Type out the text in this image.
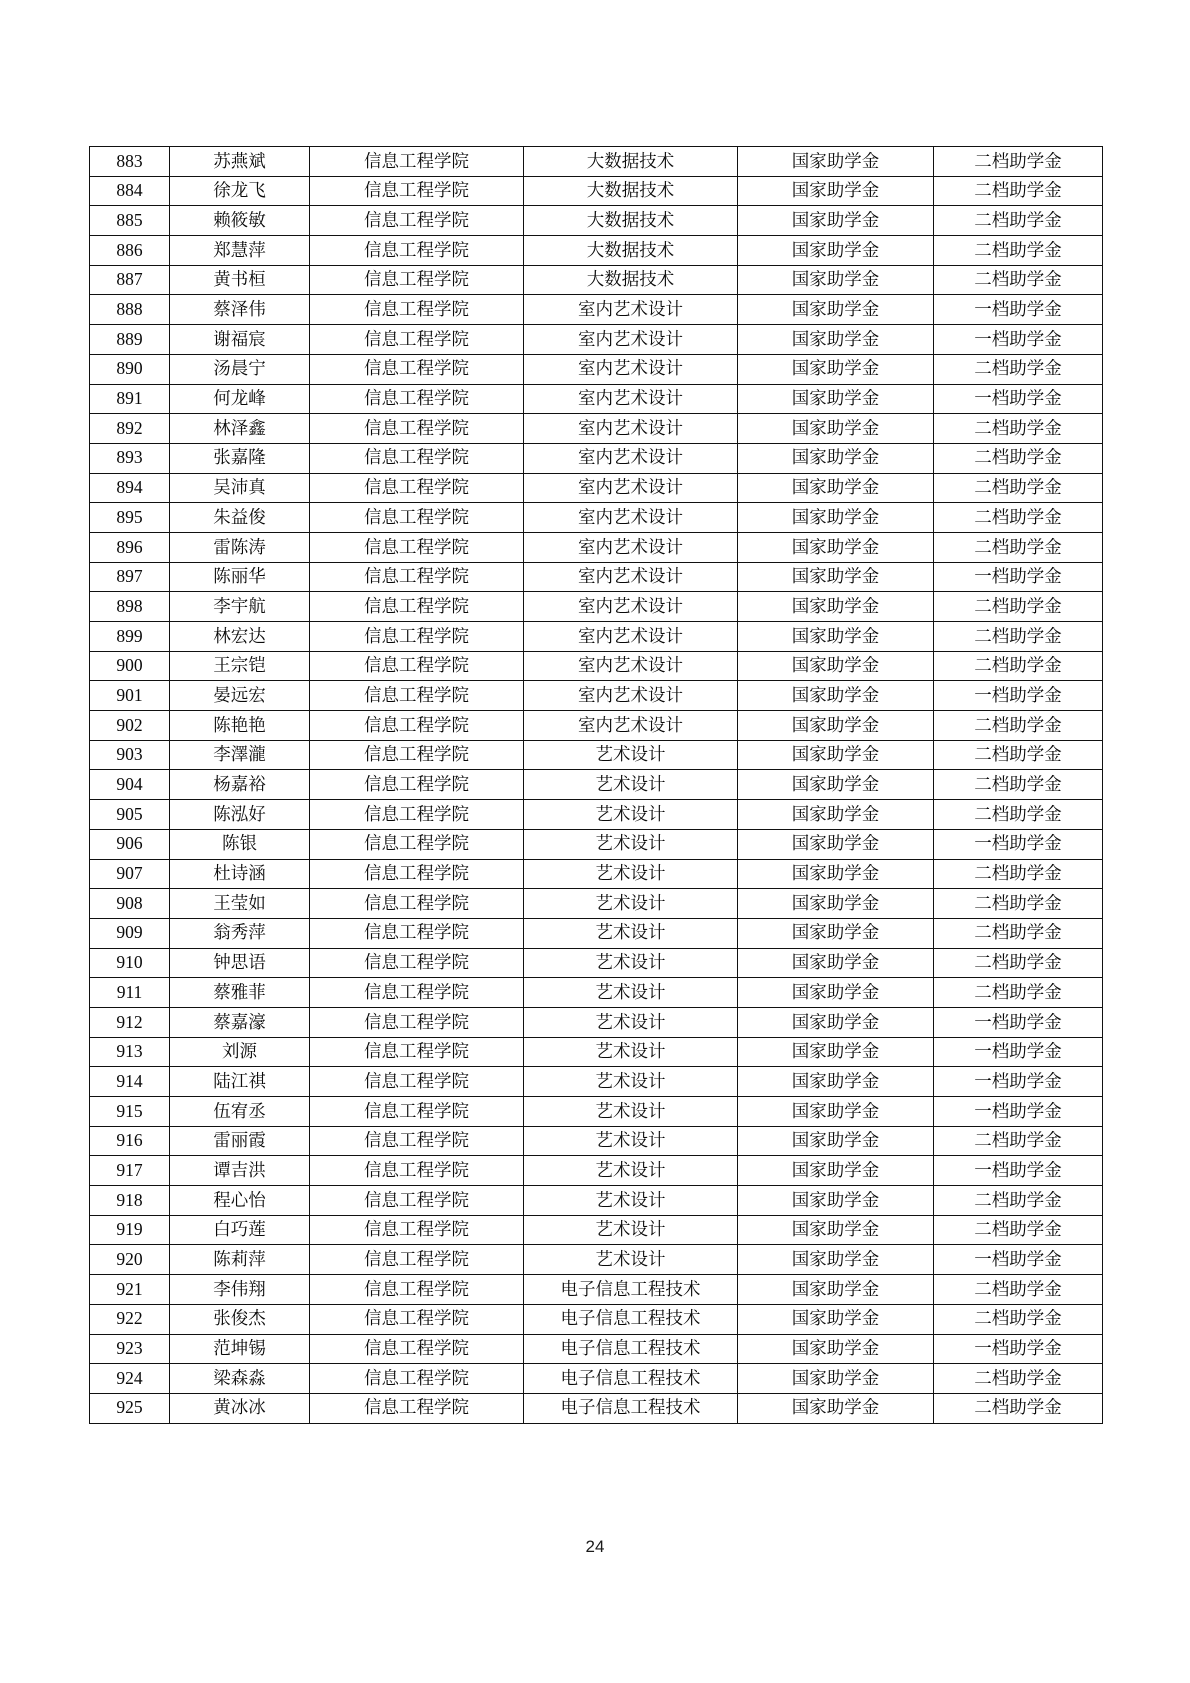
883	苏燕斌	信息工程学院	大数据技术	国家助学金	二档助学金
884	徐龙飞	信息工程学院	大数据技术	国家助学金	二档助学金
885	赖筱敏	信息工程学院	大数据技术	国家助学金	二档助学金
886	郑慧萍	信息工程学院	大数据技术	国家助学金	二档助学金
887	黄书桓	信息工程学院	大数据技术	国家助学金	二档助学金
888	蔡泽伟	信息工程学院	室内艺术设计	国家助学金	一档助学金
889	谢福宸	信息工程学院	室内艺术设计	国家助学金	一档助学金
890	汤晨宁	信息工程学院	室内艺术设计	国家助学金	二档助学金
891	何龙峰	信息工程学院	室内艺术设计	国家助学金	一档助学金
892	林泽鑫	信息工程学院	室内艺术设计	国家助学金	二档助学金
893	张嘉隆	信息工程学院	室内艺术设计	国家助学金	二档助学金
894	吴沛真	信息工程学院	室内艺术设计	国家助学金	二档助学金
895	朱益俊	信息工程学院	室内艺术设计	国家助学金	二档助学金
896	雷陈涛	信息工程学院	室内艺术设计	国家助学金	二档助学金
897	陈丽华	信息工程学院	室内艺术设计	国家助学金	一档助学金
898	李宇航	信息工程学院	室内艺术设计	国家助学金	二档助学金
899	林宏达	信息工程学院	室内艺术设计	国家助学金	二档助学金
900	王宗铠	信息工程学院	室内艺术设计	国家助学金	二档助学金
901	晏远宏	信息工程学院	室内艺术设计	国家助学金	一档助学金
902	陈艳艳	信息工程学院	室内艺术设计	国家助学金	二档助学金
903	李澤瀧	信息工程学院	艺术设计	国家助学金	二档助学金
904	杨嘉裕	信息工程学院	艺术设计	国家助学金	二档助学金
905	陈泓好	信息工程学院	艺术设计	国家助学金	二档助学金
906	陈银	信息工程学院	艺术设计	国家助学金	一档助学金
907	杜诗涵	信息工程学院	艺术设计	国家助学金	二档助学金
908	王莹如	信息工程学院	艺术设计	国家助学金	二档助学金
909	翁秀萍	信息工程学院	艺术设计	国家助学金	二档助学金
910	钟思语	信息工程学院	艺术设计	国家助学金	二档助学金
911	蔡雅菲	信息工程学院	艺术设计	国家助学金	二档助学金
912	蔡嘉濠	信息工程学院	艺术设计	国家助学金	一档助学金
913	刘源	信息工程学院	艺术设计	国家助学金	一档助学金
914	陆江祺	信息工程学院	艺术设计	国家助学金	一档助学金
915	伍宥丞	信息工程学院	艺术设计	国家助学金	一档助学金
916	雷丽霞	信息工程学院	艺术设计	国家助学金	二档助学金
917	谭吉洪	信息工程学院	艺术设计	国家助学金	一档助学金
918	程心怡	信息工程学院	艺术设计	国家助学金	二档助学金
919	白巧莲	信息工程学院	艺术设计	国家助学金	二档助学金
920	陈莉萍	信息工程学院	艺术设计	国家助学金	一档助学金
921	李伟翔	信息工程学院	电子信息工程技术	国家助学金	二档助学金
922	张俊杰	信息工程学院	电子信息工程技术	国家助学金	二档助学金
923	范坤锡	信息工程学院	电子信息工程技术	国家助学金	一档助学金
924	梁森淼	信息工程学院	电子信息工程技术	国家助学金	二档助学金
925	黄冰冰	信息工程学院	电子信息工程技术	国家助学金	二档助学金
24
